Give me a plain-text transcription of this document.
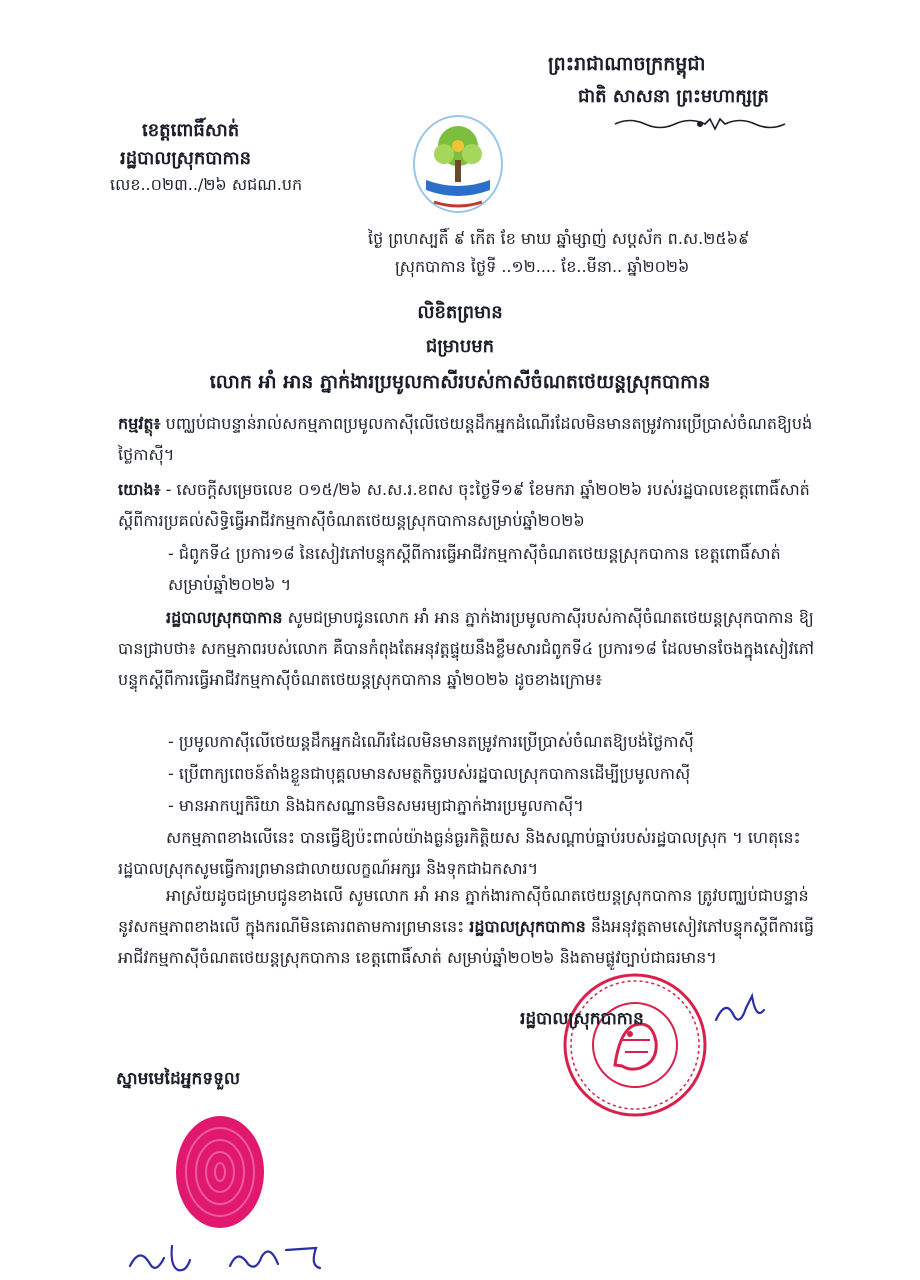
ព្រះរាជាណាចក្រកម្ពុជា
ជាតិ សាសនា ព្រះមហាក្សត្រ
ខេត្តពោធិ៍សាត់
រដ្ឋបាលស្រុកបាកាន
លេខ..០២៣../២៦ សជណ.បក
ថ្ងៃ ព្រហស្បតិ៍ ៩ កើត ខែ មាឃ ឆ្នាំម្សាញ់ សប្តស័ក ព.ស.២៥៦៩
ស្រុកបាកាន ថ្ងៃទី ..១២.... ខែ..មីនា.. ឆ្នាំ២០២៦
លិខិតព្រមាន
ជម្រាបមក
លោក អាំ អាន ភ្នាក់ងារប្រមូលកាសីរបស់កាសីចំណតថេយន្តស្រុកបាកាន
កម្មវត្ថុ៖ បញ្ឈប់ជាបន្ទាន់រាល់សកម្មភាពប្រមូលកាស៊ីលើថេយន្តដឹកអ្នកដំណើរដែលមិនមានតម្រូវការប្រើប្រាស់ចំណតឱ្យបង់ថ្លៃកាស៊ី។
យោង៖ - សេចក្តីសម្រេចលេខ ០១៥/២៦ ស.ស.រ.ខពស ចុះថ្ងៃទី១៩ ខែមករា ឆ្នាំ២០២៦ របស់រដ្ឋបាលខេត្តពោធិ៍សាត់ ស្តីពីការប្រគល់សិទ្ធិធ្វើអាជីវកម្មកាស៊ីចំណតថេយន្តស្រុកបាកានសម្រាប់ឆ្នាំ២០២៦
- ជំពូកទី៤ ប្រការ១៨ នៃសៀវភៅបន្ទុកស្តីពីការធ្វើអាជីវកម្មកាស៊ីចំណតថេយន្តស្រុកបាកាន ខេត្តពោធិ៍សាត់ សម្រាប់ឆ្នាំ២០២៦ ។
រដ្ឋបាលស្រុកបាកាន សូមជម្រាបជូនលោក អាំ អាន ភ្នាក់ងារប្រមូលកាស៊ីរបស់កាស៊ីចំណតថេយន្តស្រុកបាកាន ឱ្យបានជ្រាបថា៖ សកម្មភាពរបស់លោក គឺបានកំពុងតែអនុវត្តផ្ទុយនឹងខ្លឹមសារជំពូកទី៤ ប្រការ១៨ ដែលមានចែងក្នុងសៀវភៅបន្ទុកស្តីពីការធ្វើអាជីវកម្មកាស៊ីចំណតថេយន្តស្រុកបាកាន ឆ្នាំ២០២៦ ដូចខាងក្រោម៖
- ប្រមូលកាស៊ីលើថេយន្តដឹកអ្នកដំណើរដែលមិនមានតម្រូវការប្រើប្រាស់ចំណតឱ្យបង់ថ្លៃកាស៊ី
- ប្រើពាក្យពេចន៍តាំងខ្លួនជាបុគ្គលមានសមត្ថកិច្ចរបស់រដ្ឋបាលស្រុកបាកានដើម្បីប្រមូលកាស៊ី
- មានអាកប្បកិរិយា និងឯកសណ្ឋានមិនសមរម្យជាភ្នាក់ងារប្រមូលកាស៊ី។
សកម្មភាពខាងលើនេះ បានធ្វើឱ្យប៉ះពាល់យ៉ាងធ្ងន់ធ្ងរកិត្តិយស និងសណ្តាប់ធ្នាប់របស់រដ្ឋបាលស្រុក ។ ហេតុនេះរដ្ឋបាលស្រុកសូមធ្វើការព្រមានជាលាយលក្ខណ៍អក្សរ និងទុកជាឯកសារ។
អាស្រ័យដូចជម្រាបជូនខាងលើ សូមលោក អាំ អាន ភ្នាក់ងារកាស៊ីចំណតថេយន្តស្រុកបាកាន ត្រូវបញ្ឈប់ជាបន្ទាន់នូវសកម្មភាពខាងលើ ក្នុងករណីមិនគោរពតាមការព្រមាននេះ រដ្ឋបាលស្រុកបាកាន នឹងអនុវត្តតាមសៀវភៅបន្ទុកស្តីពីការធ្វើអាជីវកម្មកាស៊ីចំណតថេយន្តស្រុកបាកាន ខេត្តពោធិ៍សាត់ សម្រាប់ឆ្នាំ២០២៦ និងតាមផ្លូវច្បាប់ជាធរមាន។
រដ្ឋបាលស្រុកបាកាន
ស្នាមមេដៃអ្នកទទួល
